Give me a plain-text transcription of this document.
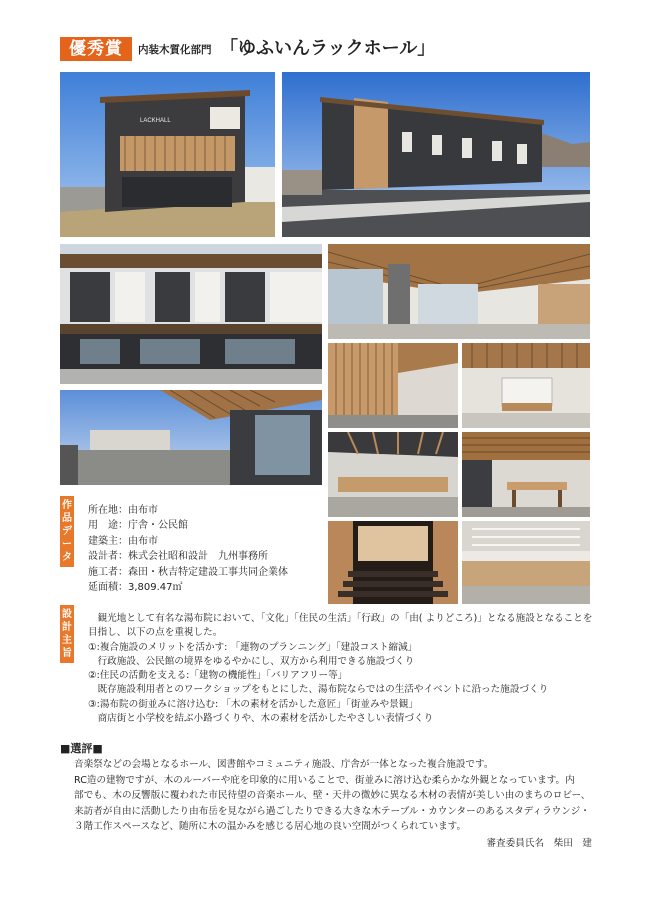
優秀賞	内装木質化部門 「ゆふいんラックホール」
LACKHALL
作
品
デ
ー
タ
所在地：由布市
用　途：庁舎・公民館
建築主：由布市
設計者：株式会社昭和設計　九州事務所
施工者：森田・秋吉特定建設工事共同企業体
延面積：3,809.47㎡
設
計
主
旨
　観光地として有名な湯布院において、「文化」「住民の生活」「行政」の「由( よりどころ)」となる施設となることを
目指し、以下の点を重視した。
①:複合施設のメリットを活かす: 「連物のプランニング」「建設コスト縮減」
　行政施設、公民館の境界をゆるやかにし、双方から利用できる施設づくり
②:住民の活動を支える:「建物の機能性」「バリアフリー等」
　既存施設利用者とのワークショップをもとにした、湯布院ならではの生活やイベントに沿った施設づくり
③:湯布院の街並みに溶け込む: 「木の素材を活かした意匠」「街並みや景観」
　商店街と小学校を結ぶ小路づくりや、木の素材を活かしたやさしい表情づくり
■選評■
音楽祭などの会場となるホール、図書館やコミュニティ施設、庁舎が一体となった複合施設です。
RC造の建物ですが、木のルーバーや庇を印象的に用いることで、街並みに溶け込む柔らかな外観となっています。内
部でも、木の反響版に覆われた市民待望の音楽ホール、壁・天井の微妙に異なる木材の表情が美しい由のまちのロビー、
来訪者が自由に活動したり由布岳を見ながら過ごしたりできる大きな木テーブル・カウンターのあるスタディラウンジ・
３階工作スペースなど、随所に木の温かみを感じる居心地の良い空間がつくられています。
審査委員氏名　柴田　建
